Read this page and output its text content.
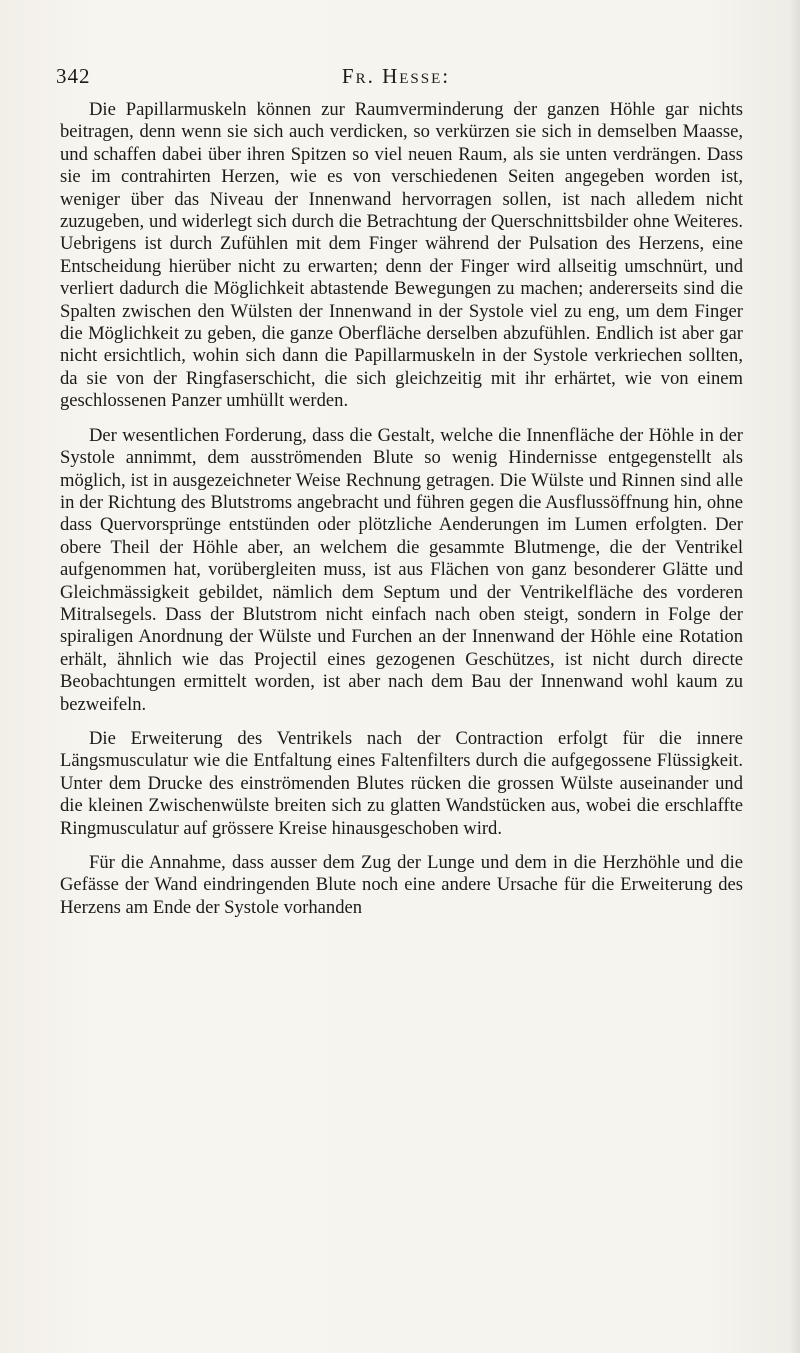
342	Fr. Hesse:

Die Papillarmuskeln können zur Raumverminderung der ganzen Höhle gar nichts beitragen, denn wenn sie sich auch verdicken, so verkürzen sie sich in demselben Maasse, und schaffen dabei über ihren Spitzen so viel neuen Raum, als sie unten verdrängen. Dass sie im contrahirten Herzen, wie es von verschiedenen Seiten angegeben worden ist, weniger über das Niveau der Innenwand hervorragen sollen, ist nach alledem nicht zuzugeben, und widerlegt sich durch die Betrachtung der Querschnittsbilder ohne Weiteres. Uebrigens ist durch Zufühlen mit dem Finger während der Pulsation des Herzens, eine Entscheidung hierüber nicht zu erwarten; denn der Finger wird allseitig umschnürt, und verliert dadurch die Möglichkeit abtastende Bewegungen zu machen; andererseits sind die Spalten zwischen den Wülsten der Innenwand in der Systole viel zu eng, um dem Finger die Möglichkeit zu geben, die ganze Oberfläche derselben abzufühlen. Endlich ist aber gar nicht ersichtlich, wohin sich dann die Papillarmuskeln in der Systole verkriechen sollten, da sie von der Ringfaserschicht, die sich gleichzeitig mit ihr erhärtet, wie von einem geschlossenen Panzer umhüllt werden.

Der wesentlichen Forderung, dass die Gestalt, welche die Innenfläche der Höhle in der Systole annimmt, dem ausströmenden Blute so wenig Hindernisse entgegenstellt als möglich, ist in ausgezeichneter Weise Rechnung getragen. Die Wülste und Rinnen sind alle in der Richtung des Blutstroms angebracht und führen gegen die Ausflussöffnung hin, ohne dass Quervorsprünge entstünden oder plötzliche Aenderungen im Lumen erfolgten. Der obere Theil der Höhle aber, an welchem die gesammte Blutmenge, die der Ventrikel aufgenommen hat, vorübergleiten muss, ist aus Flächen von ganz besonderer Glätte und Gleichmässigkeit gebildet, nämlich dem Septum und der Ventrikelfläche des vorderen Mitralsegels. Dass der Blutstrom nicht einfach nach oben steigt, sondern in Folge der spiraligen Anordnung der Wülste und Furchen an der Innenwand der Höhle eine Rotation erhält, ähnlich wie das Projectil eines gezogenen Geschützes, ist nicht durch directe Beobachtungen ermittelt worden, ist aber nach dem Bau der Innenwand wohl kaum zu bezweifeln.

Die Erweiterung des Ventrikels nach der Contraction erfolgt für die innere Längsmusculatur wie die Entfaltung eines Faltenfilters durch die aufgegossene Flüssigkeit. Unter dem Drucke des einströmenden Blutes rücken die grossen Wülste auseinander und die kleinen Zwischenwülste breiten sich zu glatten Wandstücken aus, wobei die erschlaffte Ringmusculatur auf grössere Kreise hinausgeschoben wird.

Für die Annahme, dass ausser dem Zug der Lunge und dem in die Herzhöhle und die Gefässe der Wand eindringenden Blute noch eine andere Ursache für die Erweiterung des Herzens am Ende der Systole vorhanden
